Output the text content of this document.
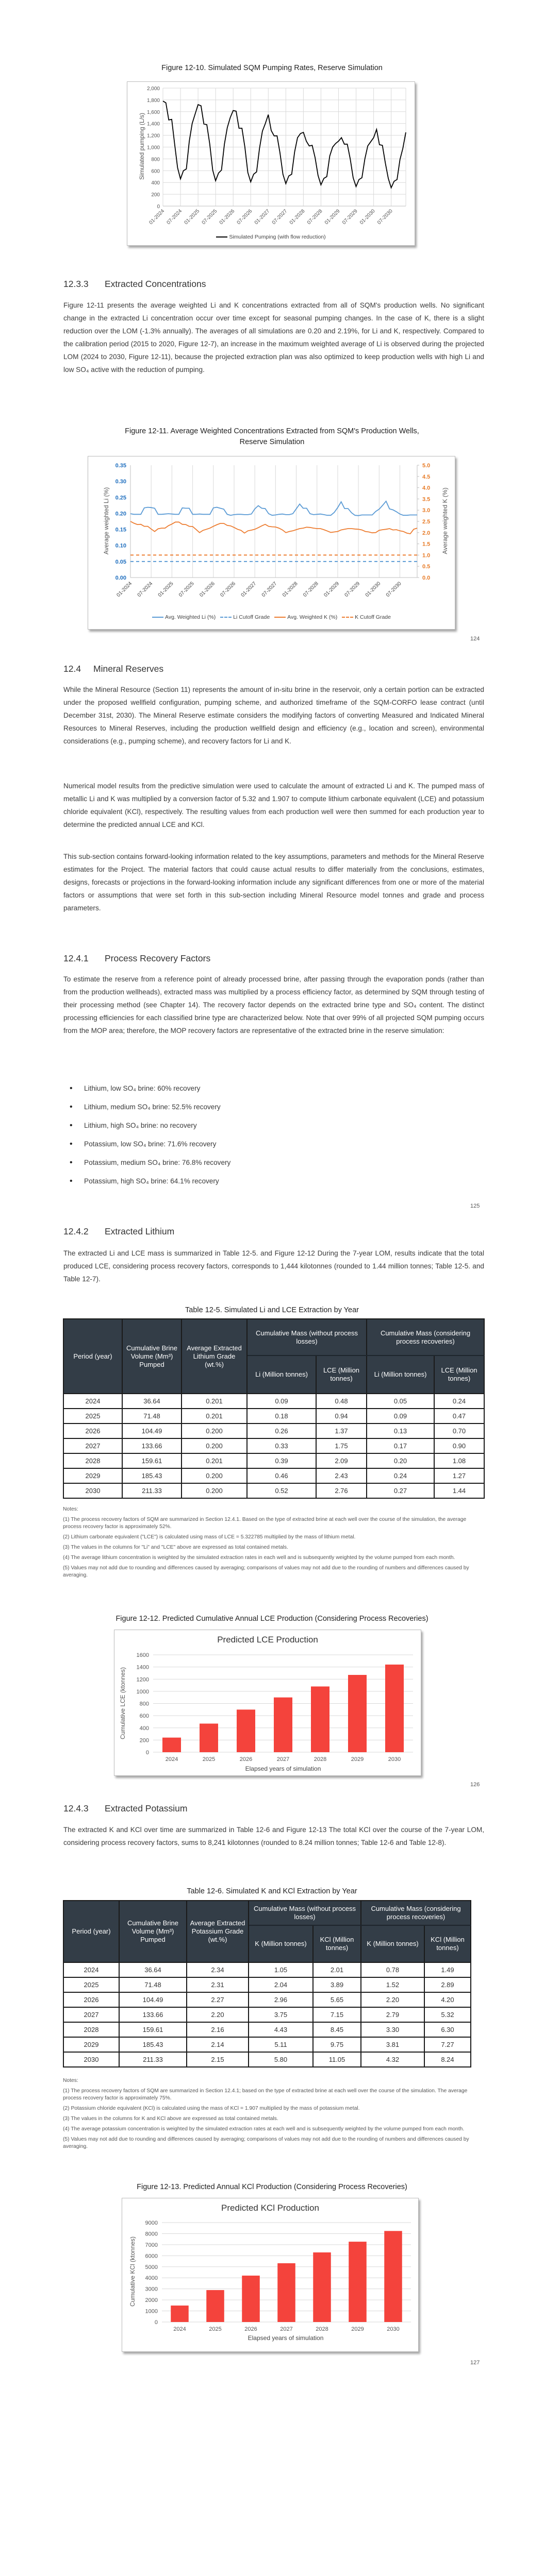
Figure 12-10. Simulated SQM Pumping Rates, Reserve Simulation

0
200
400
600
800
1,000
1,200
1,400
1,600
1,800
2,000
01-2024 07-2024 01-2025 07-2025 01-2026 07-2026 01-2027 07-2027 01-2028 07-2028 01-2029 07-2029 01-2030 07-2030
Simulated pumping (L/s)
Simulated Pumping (with flow reduction)
12.3.3 Extracted Concentrations

Figure 12-11 presents the average weighted Li and K concentrations extracted from all of SQM's production wells. No significant change in the extracted Li concentration occur over time except for seasonal pumping changes. In the case of K, there is a slight reduction over the LOM (-1.3% annually). The averages of all simulations are 0.20 and 2.19%, for Li and K, respectively. Compared to the calibration period (2015 to 2020, Figure 12-7), an increase in the maximum weighted average of Li is observed during the projected LOM (2024 to 2030, Figure 12-11), because the projected extraction plan was also optimized to keep production wells with high Li and low SO₄ active with the reduction of pumping.

Figure 12-11. Average Weighted Concentrations Extracted from SQM's Production Wells,
Reserve Simulation

01-2024 07-2024 01-2025 07-2025 01-2026 07-2026 01-2027 07-2027 01-2028 07-2028 01-2029 07-2029 01-2030 07-2030
0.00
0.05
0.10
0.15
0.20
0.25
0.30
0.35
0.0
0.5
1.0
1.5
2.0
2.5
3.0
3.5
4.0
4.5
5.0
Average weighted Li (%)	Average weighted K (%)
Avg. Weighted Li (%)	Li Cutoff Grade	Avg. Weighted K (%)	K Cutoff Grade
124
12.4 Mineral Reserves

While the Mineral Resource (Section 11) represents the amount of in-situ brine in the reservoir, only a certain portion can be extracted under the proposed wellfield configuration, pumping scheme, and authorized timeframe of the SQM-CORFO lease contract (until December 31st, 2030). The Mineral Reserve estimate considers the modifying factors of converting Measured and Indicated Mineral Resources to Mineral Reserves, including the production wellfield design and efficiency (e.g., location and screen), environmental considerations (e.g., pumping scheme), and recovery factors for Li and K.

Numerical model results from the predictive simulation were used to calculate the amount of extracted Li and K. The pumped mass of metallic Li and K was multiplied by a conversion factor of 5.32 and 1.907 to compute lithium carbonate equivalent (LCE) and potassium chloride equivalent (KCl), respectively. The resulting values from each production well were then summed for each production year to determine the predicted annual LCE and KCl.

This sub-section contains forward-looking information related to the key assumptions, parameters and methods for the Mineral Reserve estimates for the Project. The material factors that could cause actual results to differ materially from the conclusions, estimates, designs, forecasts or projections in the forward-looking information include any significant differences from one or more of the material factors or assumptions that were set forth in this sub-section including Mineral Resource model tonnes and grade and process parameters.

12.4.1 Process Recovery Factors

To estimate the reserve from a reference point of already processed brine, after passing through the evaporation ponds (rather than from the production wellheads), extracted mass was multiplied by a process efficiency factor, as determined by SQM through testing of their processing method (see Chapter 14). The recovery factor depends on the extracted brine type and SO₄ content. The distinct processing efficiencies for each classified brine type are characterized below. Note that over 99% of all projected SQM pumping occurs from the MOP area; therefore, the MOP recovery factors are representative of the extracted brine in the reserve simulation:

• Lithium, low SO₄ brine: 60% recovery
• Lithium, medium SO₄ brine: 52.5% recovery
• Lithium, high SO₄ brine: no recovery
• Potassium, low SO₄ brine: 71.6% recovery
• Potassium, medium SO₄ brine: 76.8% recovery
• Potassium, high SO₄ brine: 64.1% recovery
125
12.4.2 Extracted Lithium

The extracted Li and LCE mass is summarized in Table 12-5. and Figure 12-12 During the 7-year LOM, results indicate that the total produced LCE, considering process recovery factors, corresponds to 1,444 kilotonnes (rounded to 1.44 million tonnes; Table 12-5. and Table 12-7).

Table 12-5. Simulated Li and LCE Extraction by Year

Period (year)	Cumulative Brine Volume (Mm³) Pumped	Average Extracted Lithium Grade (wt.%)	Cumulative Mass (without process losses)		Cumulative Mass (considering process recoveries)	
			Li (Million tonnes)	LCE (Million tonnes)	Li (Million tonnes)	LCE (Million tonnes)
2024	36.64	0.201	0.09	0.48	0.05	0.24
2025	71.48	0.201	0.18	0.94	0.09	0.47
2026	104.49	0.200	0.26	1.37	0.13	0.70
2027	133.66	0.200	0.33	1.75	0.17	0.90
2028	159.61	0.201	0.39	2.09	0.20	1.08
2029	185.43	0.200	0.46	2.43	0.24	1.27
2030	211.33	0.200	0.52	2.76	0.27	1.44

Notes:

(1) The process recovery factors of SQM are summarized in Section 12.4.1. Based on the type of extracted brine at each well over the course of the simulation, the average process recovery factor is approximately 52%.

(2) Lithium carbonate equivalent ("LCE") is calculated using mass of LCE = 5.322785 multiplied by the mass of lithium metal.

(3) The values in the columns for "Li" and "LCE" above are expressed as total contained metals.

(4) The average lithium concentration is weighted by the simulated extraction rates in each well and is subsequently weighted by the volume pumped from each month.

(5) Values may not add due to rounding and differences caused by averaging; comparisons of values may not add due to the rounding of numbers and differences caused by averaging.

Figure 12-12. Predicted Cumulative Annual LCE Production (Considering Process Recoveries)

Predicted LCE Production
0
200
400
600
800
1000
1200
1400
1600
2024	2025	2026	2027	2028	2029	2030
Cumulative LCE (ktonnes)
Elapsed years of simulation
126
12.4.3 Extracted Potassium

The extracted K and KCl over time are summarized in Table 12-6 and Figure 12-13 The total KCl over the course of the 7-year LOM, considering process recovery factors, sums to 8,241 kilotonnes (rounded to 8.24 million tonnes; Table 12-6 and Table 12-8).

Table 12-6. Simulated K and KCl Extraction by Year

Period (year)	Cumulative Brine Volume (Mm³) Pumped	Average Extracted Potassium Grade (wt.%)	Cumulative Mass (without process losses)		Cumulative Mass (considering process recoveries)	
			K (Million tonnes)	KCl (Million tonnes)	K (Million tonnes)	KCl (Million tonnes)
2024	36.64	2.34	1.05	2.01	0.78	1.49
2025	71.48	2.31	2.04	3.89	1.52	2.89
2026	104.49	2.27	2.96	5.65	2.20	4.20
2027	133.66	2.20	3.75	7.15	2.79	5.32
2028	159.61	2.16	4.43	8.45	3.30	6.30
2029	185.43	2.14	5.11	9.75	3.81	7.27
2030	211.33	2.15	5.80	11.05	4.32	8.24

Notes:

(1) The process recovery factors of SQM are summarized in Section 12.4.1; based on the type of extracted brine at each well over the course of the simulation. The average process recovery factor is approximately 75%.

(2) Potassium chloride equivalent (KCl) is calculated using the mass of KCl = 1.907 multiplied by the mass of potassium metal.

(3) The values in the columns for K and KCl above are expressed as total contained metals.

(4) The average potassium concentration is weighted by the simulated extraction rates at each well and is subsequently weighted by the volume pumped from each month.

(5) Values may not add due to rounding and differences caused by averaging; comparisons of values may not add due to the rounding of numbers and differences caused by averaging.

Figure 12-13. Predicted Annual KCl Production (Considering Process Recoveries)

Predicted KCl Production
0
1000
2000
3000
4000
5000
6000
7000
8000
9000
2024	2025	2026	2027	2028	2029	2030
Cumulative KCl (ktonnes)
Elapsed years of simulation
127
